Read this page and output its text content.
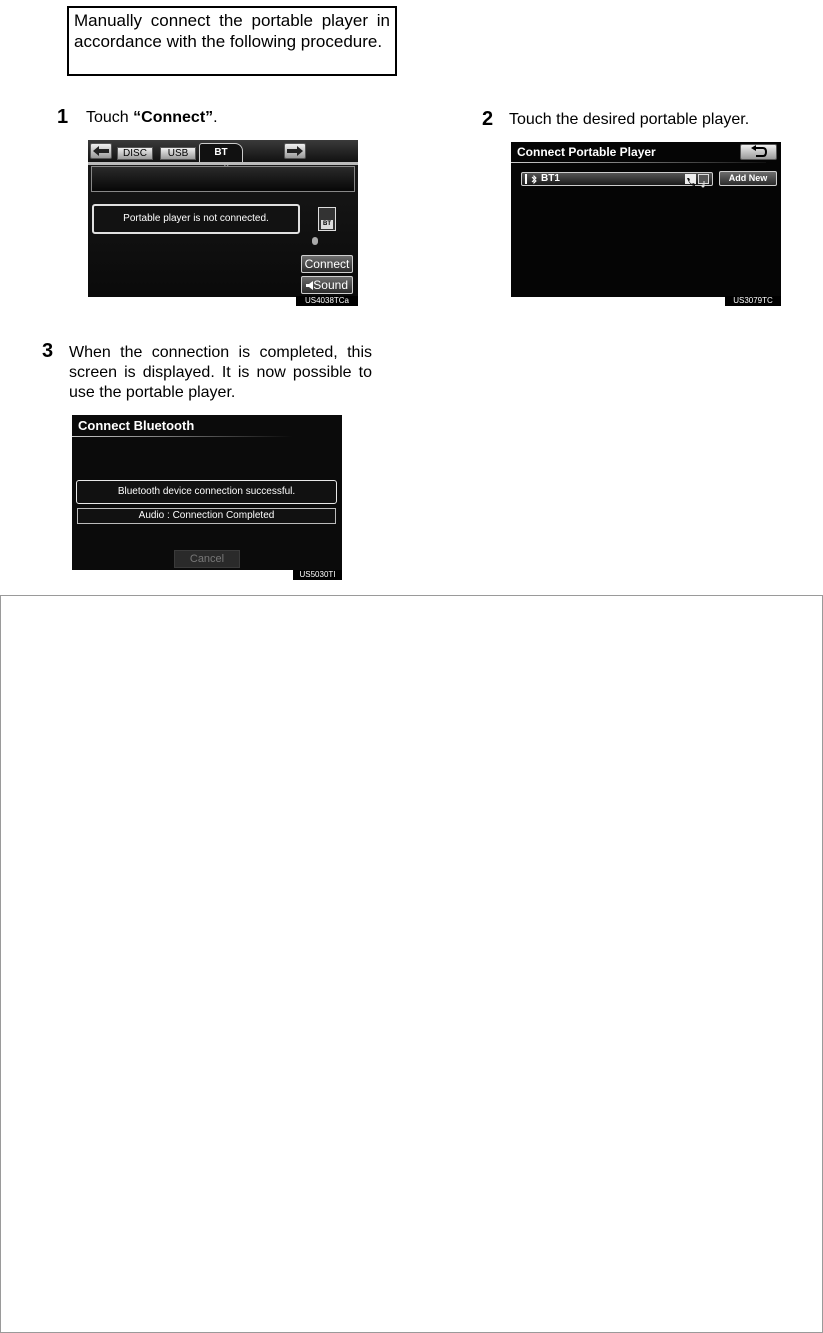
Manually connect the portable player in accordance with the following procedure.
1 Touch “Connect”.
DISC	USB	BT
Portable player is not connected.	BT
Connect
Sound
US4038TCa
2 Touch the desired portable player.
Connect Portable Player
BT1	Add New
US3079TC
3 When the connection is completed, this screen is displayed. It is now possible to use the portable player.
Connect Bluetooth
Bluetooth device connection successful.
Audio : Connection Completed
Cancel
US5030TI
